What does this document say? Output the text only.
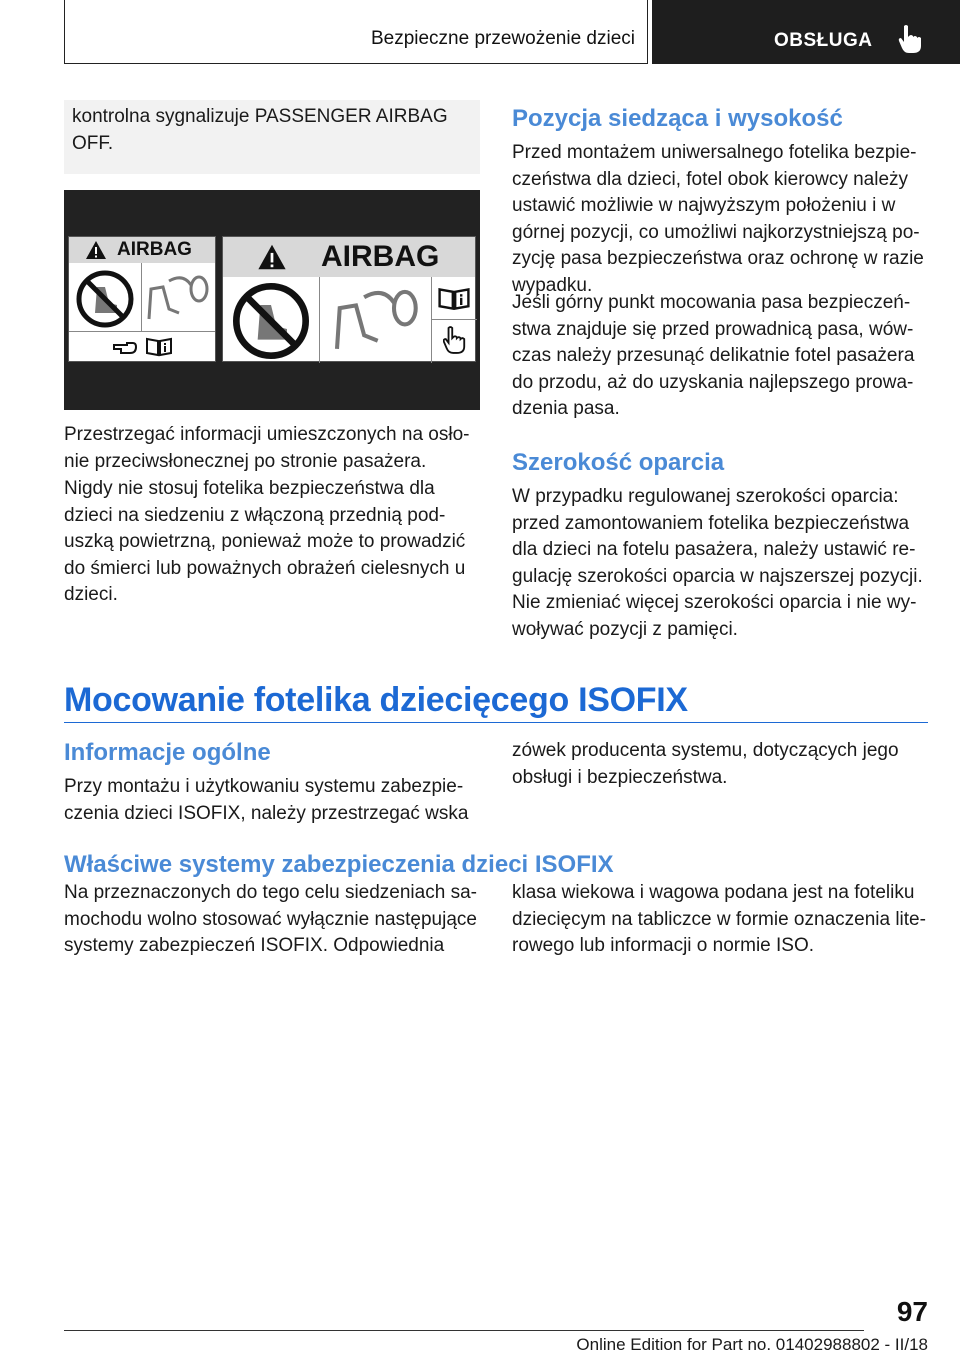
Bezpieczne przewożenie dzieci	OBSŁUGA

kontrolna sygnalizuje PASSENGER AIRBAG OFF.

AIRBAG	AIRBAG

Przestrzegać informacji umieszczonych na osłonie przeciwsłonecznej po stronie pasażera.

Nigdy nie stosuj fotelika bezpieczeństwa dla dzieci na siedzeniu z włączoną przednią poduszką powietrzną, ponieważ może to prowadzić do śmierci lub poważnych obrażeń cielesnych u dzieci.

Pozycja siedząca i wysokość

Przed montażem uniwersalnego fotelika bezpieczeństwa dla dzieci, fotel obok kierowcy należy ustawić możliwie w najwyższym położeniu i w górnej pozycji, co umożliwi najkorzystniejszą pozycję pasa bezpieczeństwa oraz ochronę w razie wypadku.

Jeśli górny punkt mocowania pasa bezpieczeństwa znajduje się przed prowadnicą pasa, wówczas należy przesunąć delikatnie fotel pasażera do przodu, aż do uzyskania najlepszego prowadzenia pasa.

Szerokość oparcia

W przypadku regulowanej szerokości oparcia: przed zamontowaniem fotelika bezpieczeństwa dla dzieci na fotelu pasażera, należy ustawić regulację szerokości oparcia w najszerszej pozycji. Nie zmieniać więcej szerokości oparcia i nie wywoływać pozycji z pamięci.

Mocowanie fotelika dziecięcego ISOFIX
Informacje ogólne

Przy montażu i użytkowaniu systemu zabezpieczenia dzieci ISOFIX, należy przestrzegać wska

zówek producenta systemu, dotyczących jego obsługi i bezpieczeństwa.

Właściwe systemy zabezpieczenia dzieci ISOFIX

Na przeznaczonych do tego celu siedzeniach samochodu wolno stosować wyłącznie następujące systemy zabezpieczeń ISOFIX. Odpowiednia

klasa wiekowa i wagowa podana jest na foteliku dziecięcym na tabliczce w formie oznaczenia literowego lub informacji o normie ISO.

97
Online Edition for Part no. 01402988802 - II/18
